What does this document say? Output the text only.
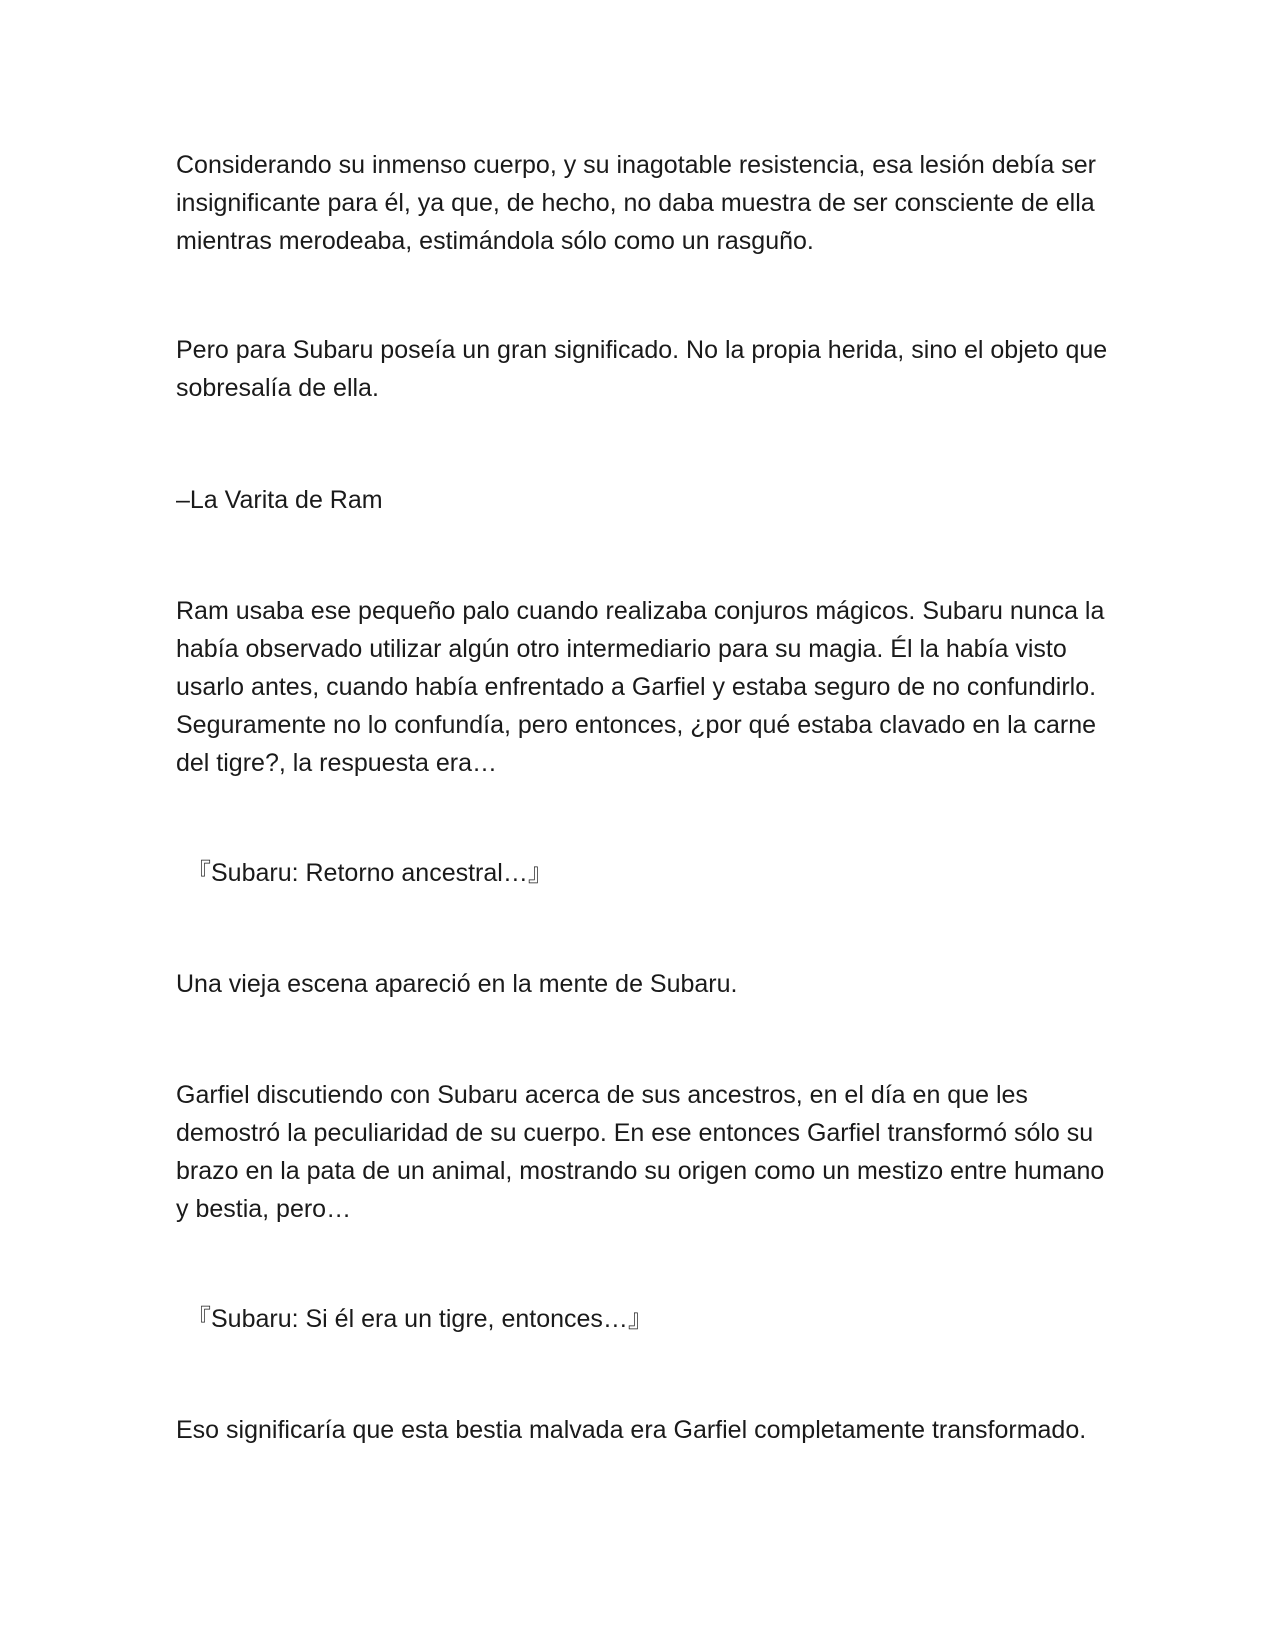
Considerando su inmenso cuerpo, y su inagotable resistencia, esa lesión debía ser insignificante para él, ya que, de hecho, no daba muestra de ser consciente de ella mientras merodeaba, estimándola sólo como un rasguño.

Pero para Subaru poseía un gran significado. No la propia herida, sino el objeto que sobresalía de ella.

–La Varita de Ram

Ram usaba ese pequeño palo cuando realizaba conjuros mágicos. Subaru nunca la había observado utilizar algún otro intermediario para su magia. Él la había visto usarlo antes, cuando había enfrentado a Garfiel y estaba seguro de no confundirlo. Seguramente no lo confundía, pero entonces, ¿por qué estaba clavado en la carne del tigre?, la respuesta era…

『Subaru: Retorno ancestral…』

Una vieja escena apareció en la mente de Subaru.

Garfiel discutiendo con Subaru acerca de sus ancestros, en el día en que les demostró la peculiaridad de su cuerpo. En ese entonces Garfiel transformó sólo su brazo en la pata de un animal, mostrando su origen como un mestizo entre humano y bestia, pero…

『Subaru: Si él era un tigre, entonces…』

Eso significaría que esta bestia malvada era Garfiel completamente transformado.
